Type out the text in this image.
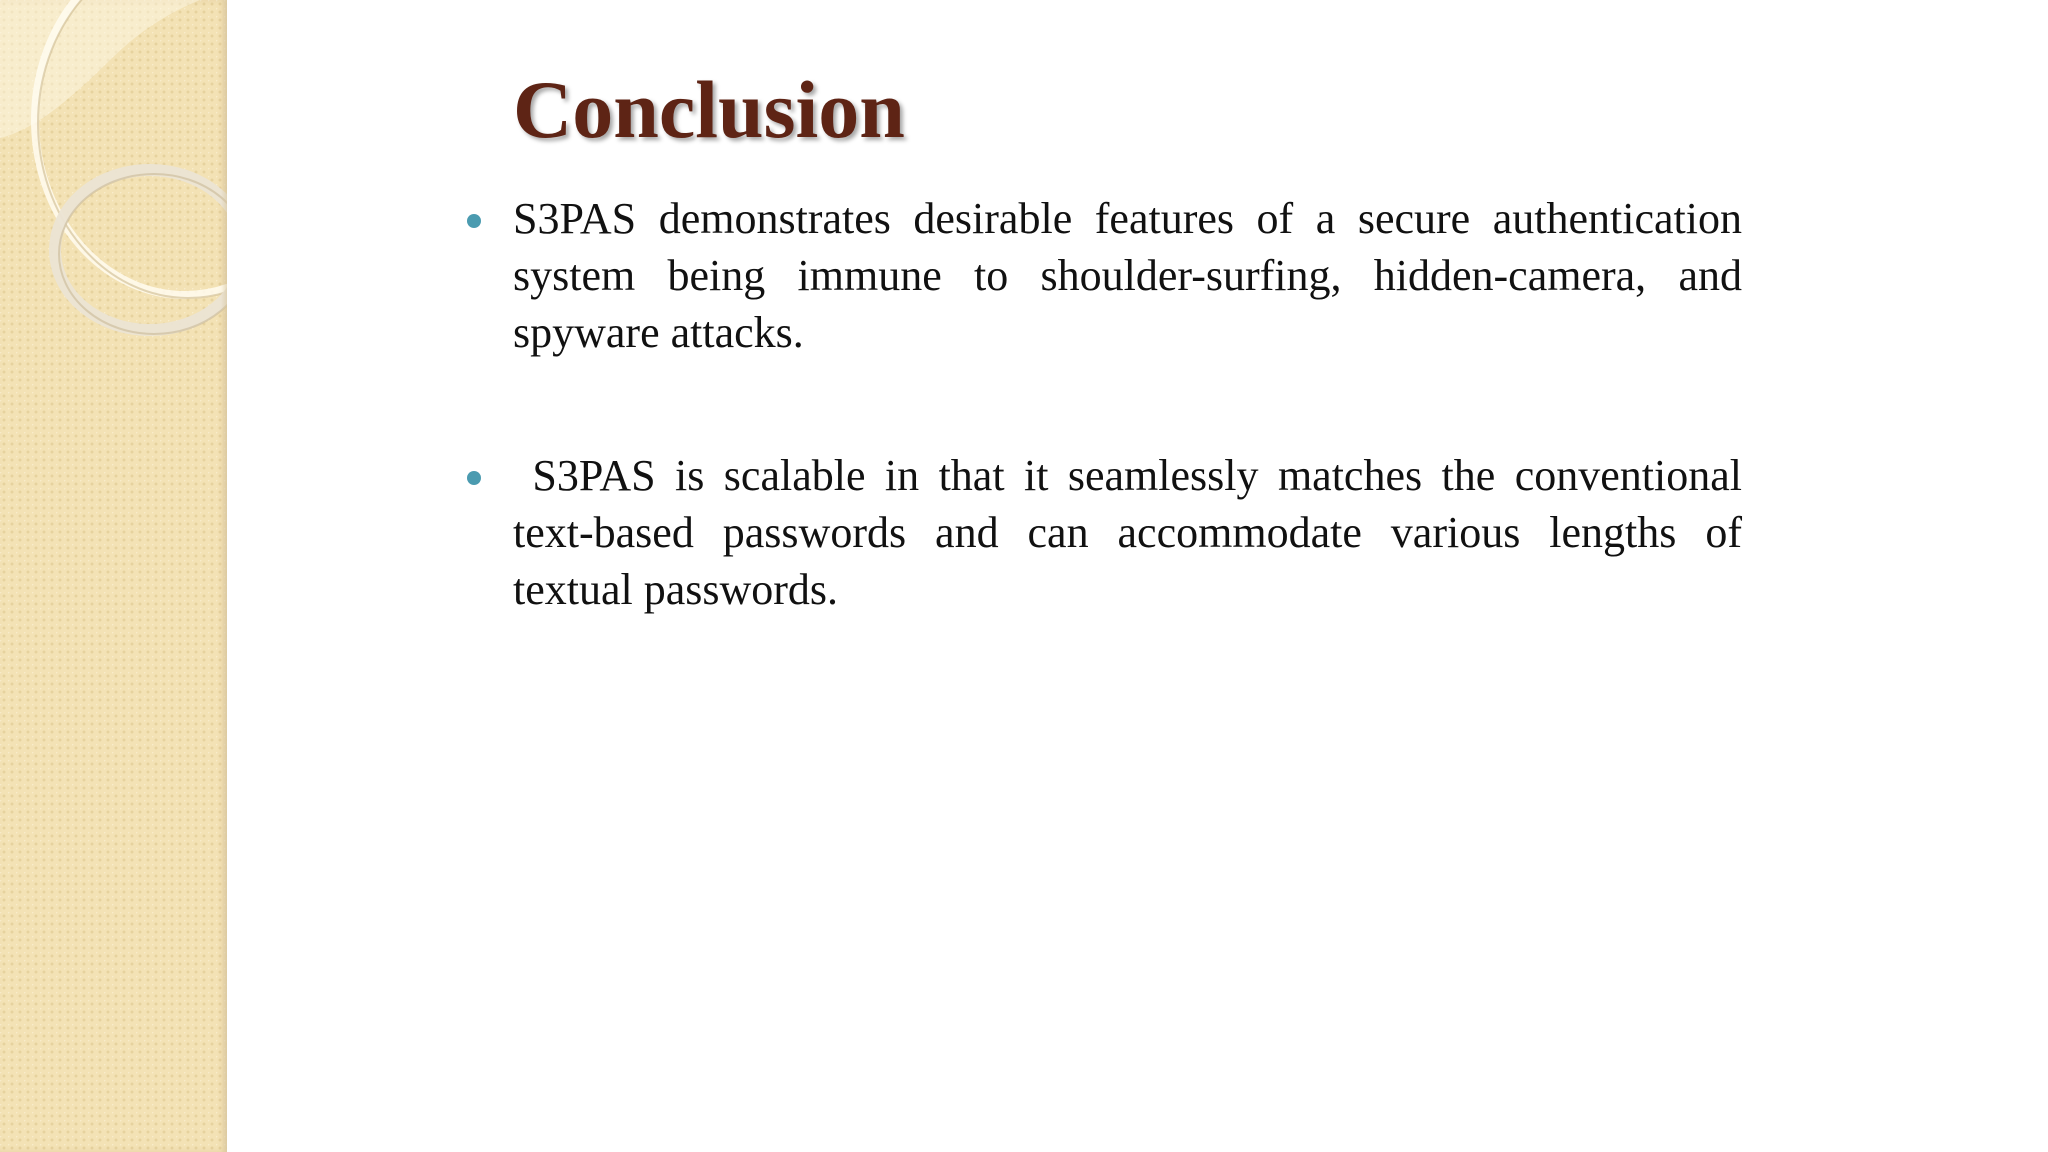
Conclusion
S3PAS demonstrates desirable features of a secure authentication system being immune to shoulder-surfing, hidden-camera, and spyware attacks.
S3PAS is scalable in that it seamlessly matches the conventional text-based passwords and can accommodate various lengths of textual passwords.
